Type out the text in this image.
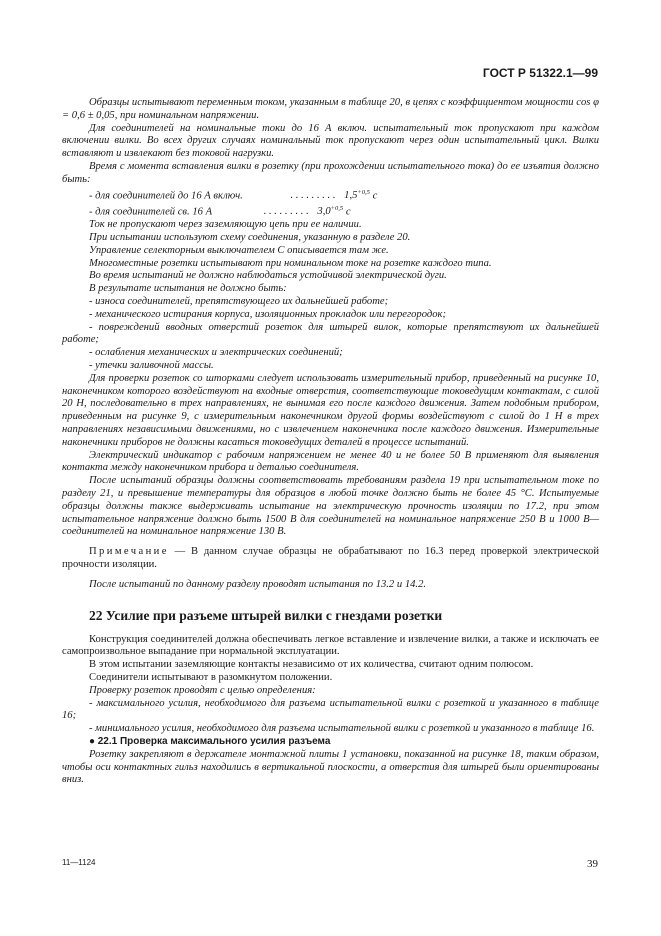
ГОСТ Р 51322.1—99

Образцы испытывают переменным током, указанным в таблице 20, в цепях с коэффициентом мощности cos φ = 0,6 ± 0,05, при номинальном напряжении.

Для соединителей на номинальные токи до 16 А включ. испытательный ток пропускают при каждом включении вилки. Во всех других случаях номинальный ток пропускают через один испытательный цикл. Вилки вставляют и извлекают без токовой нагрузки.

Время с момента вставления вилки в розетку (при прохождении испытательного тока) до ее изъятия должно быть:

- для соединителей до 16 А включ.	. . . . . . . . . $1,5^{+0,5}$ с

- для соединителей св. 16 А	. . . . . . . . . $3,0^{+0,5}$ с

Ток не пропускают через заземляющую цепь при ее наличии.

При испытании используют схему соединения, указанную в разделе 20.

Управление селекторным выключателем С описывается там же.

Многоместные розетки испытывают при номинальном токе на розетке каждого типа.

Во время испытаний не должно наблюдаться устойчивой электрической дуги.

В результате испытания не должно быть:

- износа соединителей, препятствующего их дальнейшей работе;

- механического истирания корпуса, изоляционных прокладок или перегородок;

- повреждений вводных отверстий розеток для штырей вилок, которые препятствуют их дальнейшей работе;

- ослабления механических и электрических соединений;

- утечки заливочной массы.

Для проверки розеток со шторками следует использовать измерительный прибор, приведенный на рисунке 10, наконечником которого воздействуют на входные отверстия, соответствующие токоведущим контактам, с силой 20 Н, последовательно в трех направлениях, не вынимая его после каждого движения. Затем подобным прибором, приведенным на рисунке 9, с измерительным наконечником другой формы воздействуют с силой до 1 Н в трех направлениях независимыми движениями, но с извлечением наконечника после каждого движения. Измерительные наконечники приборов не должны касаться токоведущих деталей в процессе испытаний.

Электрический индикатор с рабочим напряжением не менее 40 и не более 50 В применяют для выявления контакта между наконечником прибора и деталью соединителя.

После испытаний образцы должны соответствовать требованиям раздела 19 при испытательном токе по разделу 21, и превышение температуры для образцов в любой точке должно быть не более 45 °С. Испытуемые образцы должны также выдерживать испытание на электрическую прочность изоляции по 17.2, при этом испытательное напряжение должно быть 1500 В для соединителей на номинальное напряжение 250 В и 1000 В— соединителей на номинальное напряжение 130 В.

Примечание — В данном случае образцы не обрабатывают по 16.3 перед проверкой электрической прочности изоляции.

После испытаний по данному разделу проводят испытания по 13.2 и 14.2.

22 Усилие при разъеме штырей вилки с гнездами розетки

Конструкция соединителей должна обеспечивать легкое вставление и извлечение вилки, а также и исключать ее самопроизвольное выпадание при нормальной эксплуатации.

В этом испытании заземляющие контакты независимо от их количества, считают одним полюсом.

Соединители испытывают в разомкнутом положении.

Проверку розеток проводят с целью определения:

- максимального усилия, необходимого для разъема испытательной вилки с розеткой и указанного в таблице 16;

- минимального усилия, необходимого для разъема испытательной вилки с розеткой и указанного в таблице 16.

● 22.1 Проверка максимального усилия разъема

Розетку закрепляют в держателе монтажной плиты 1 установки, показанной на рисунке 18, таким образом, чтобы оси контактных гильз находились в вертикальной плоскости, а отверстия для штырей были ориентированы вниз.

11—1124	39
